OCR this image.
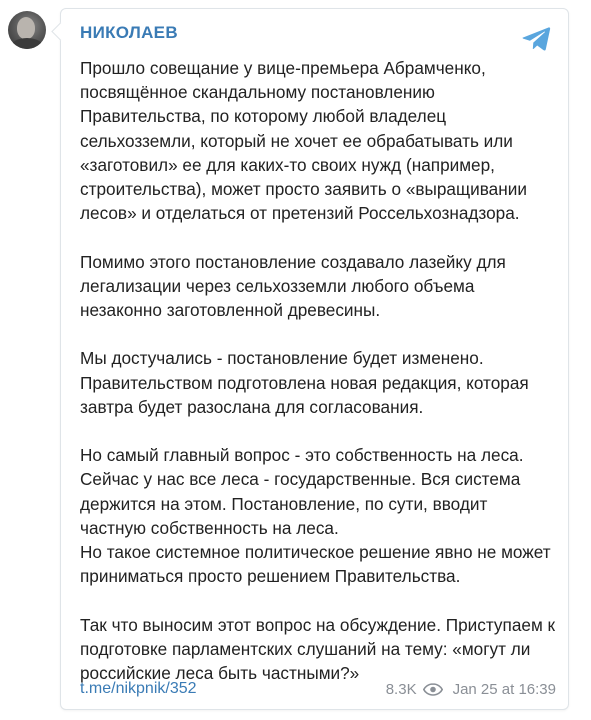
НИКОЛАЕВ
Прошло совещание у вице-премьера Абрамченко, посвящённое скандальному постановлению Правительства, по которому любой владелец сельхозземли, который не хочет ее обрабатывать или «заготовил» ее для каких-то своих нужд (например, строительства), может просто заявить о «выращивании лесов» и отделаться от претензий Россельхознадзора.

Помимо этого постановление создавало лазейку для легализации через сельхозземли любого объема незаконно заготовленной древесины.

Мы достучались - постановление будет изменено. Правительством подготовлена новая редакция, которая завтра будет разослана для согласования.

Но самый главный вопрос - это собственность на леса. Сейчас у нас все леса - государственные. Вся система держится на этом. Постановление, по сути, вводит частную собственность на леса.
Но такое системное политическое решение явно не может приниматься просто решением Правительства.

Так что выносим этот вопрос на обсуждение. Приступаем к подготовке парламентских слушаний на тему: «могут ли российские леса быть частными?»
t.me/nikpnik/352	8.3K Jan 25 at 16:39
